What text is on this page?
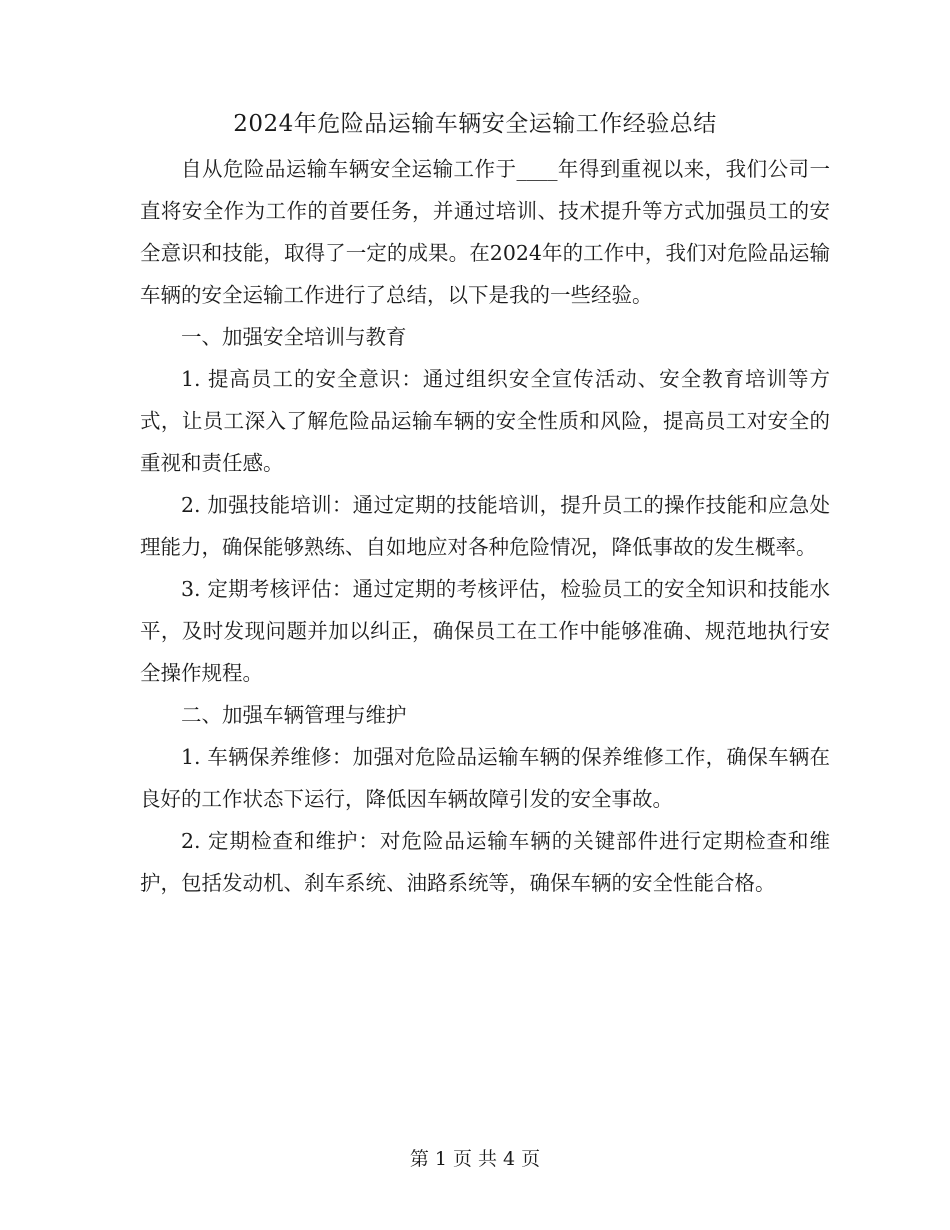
2024年危险品运输车辆安全运输工作经验总结

自从危险品运输车辆安全运输工作于____年得到重视以来，我们公司一直将安全作为工作的首要任务，并通过培训、技术提升等方式加强员工的安全意识和技能，取得了一定的成果。在2024年的工作中，我们对危险品运输车辆的安全运输工作进行了总结，以下是我的一些经验。

一、加强安全培训与教育

1. 提高员工的安全意识：通过组织安全宣传活动、安全教育培训等方式，让员工深入了解危险品运输车辆的安全性质和风险，提高员工对安全的重视和责任感。

2. 加强技能培训：通过定期的技能培训，提升员工的操作技能和应急处理能力，确保能够熟练、自如地应对各种危险情况，降低事故的发生概率。

3. 定期考核评估：通过定期的考核评估，检验员工的安全知识和技能水平，及时发现问题并加以纠正，确保员工在工作中能够准确、规范地执行安全操作规程。

二、加强车辆管理与维护

1. 车辆保养维修：加强对危险品运输车辆的保养维修工作，确保车辆在良好的工作状态下运行，降低因车辆故障引发的安全事故。

2. 定期检查和维护：对危险品运输车辆的关键部件进行定期检查和维护，包括发动机、刹车系统、油路系统等，确保车辆的安全性能合格。

第 1 页 共 4 页
